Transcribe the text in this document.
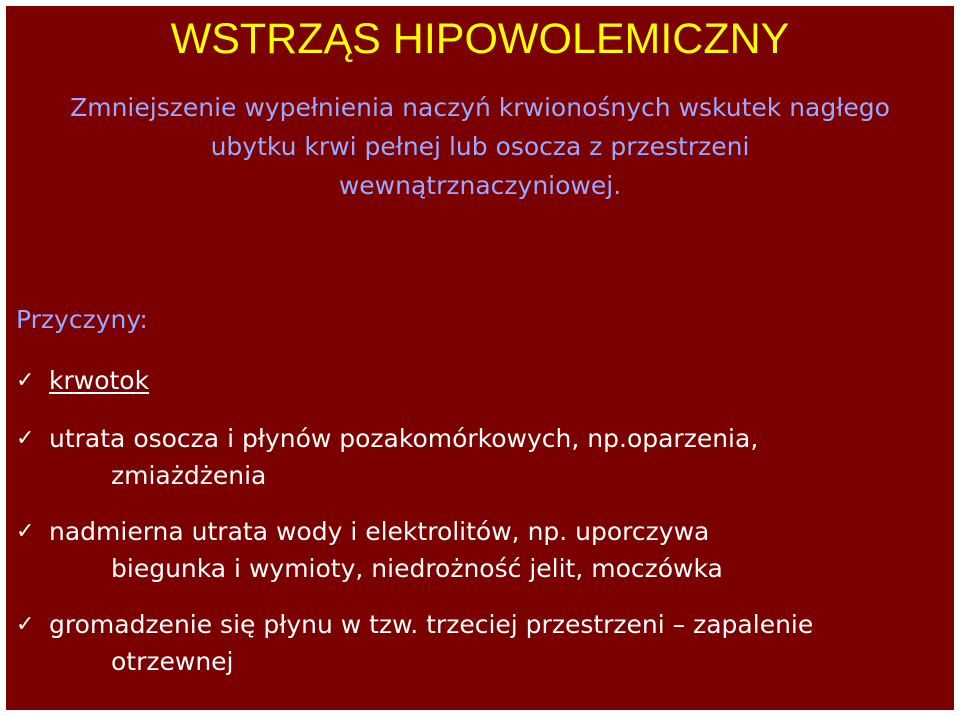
WSTRZĄS HIPOWOLEMICZNY
Zmniejszenie wypełnienia naczyń krwionośnych wskutek nagłego
ubytku krwi pełnej lub osocza z przestrzeni
wewnątrznaczyniowej.
Przyczyny:
✓ krwotok
✓ utrata osocza i płynów pozakomórkowych, np.oparzenia,
zmiażdżenia
✓ nadmierna utrata wody i elektrolitów, np. uporczywa
biegunka i wymioty, niedrożność jelit, moczówka
✓ gromadzenie się płynu w tzw. trzeciej przestrzeni – zapalenie
otrzewnej
